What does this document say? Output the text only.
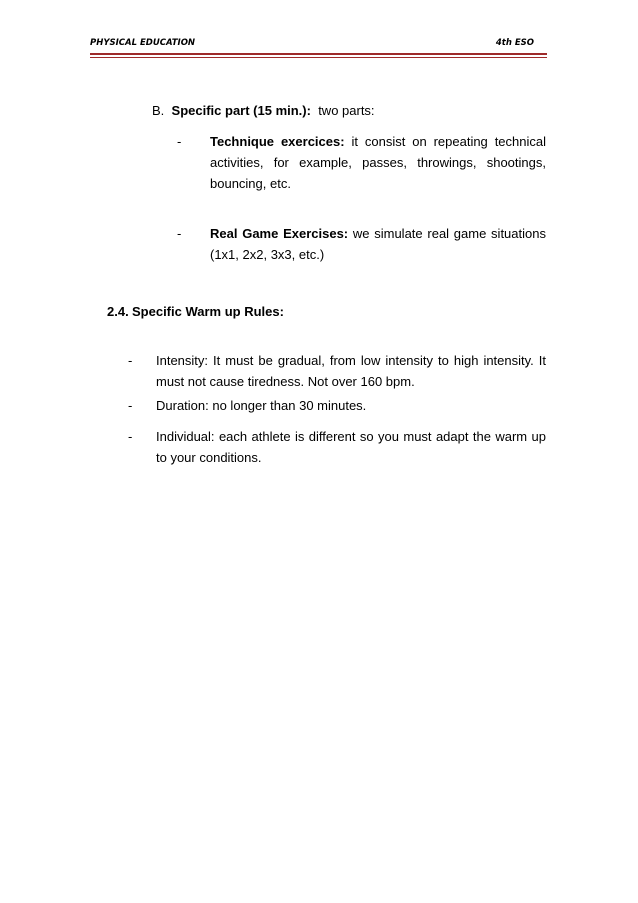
PHYSICAL EDUCATION	4th ESO
B. Specific part (15 min.): two parts:
- Technique exercices: it consist on repeating technical

activities, for example, passes, throwings, shootings,

bouncing, etc.

- Real Game Exercises: we simulate real game situations

(1x1, 2x2, 3x3, etc.)

2.4. Specific Warm up Rules:
- Intensity: It must be gradual, from low intensity to high intensity. It

must not cause tiredness. Not over 160 bpm.

- Duration: no longer than 30 minutes.

- Individual: each athlete is different so you must adapt the warm up

to your conditions.
